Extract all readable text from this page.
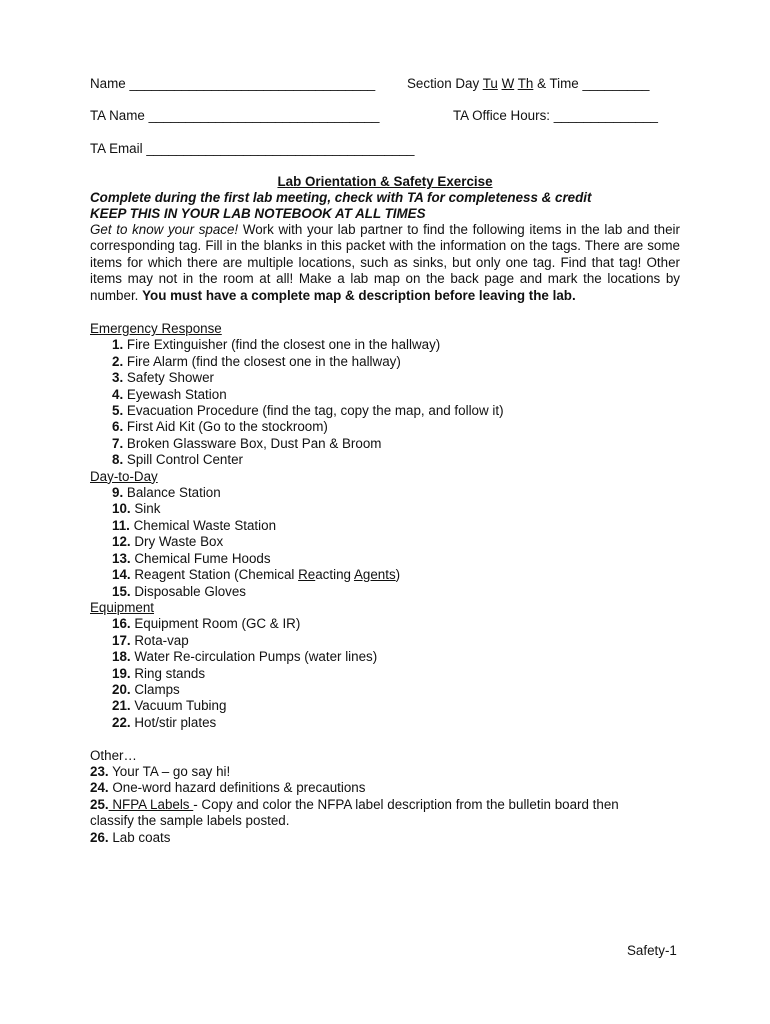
Name _________________________________ Section Day Tu W Th & Time _________
TA Name _______________________________	TA Office Hours: ______________
TA Email ____________________________________
Lab Orientation & Safety Exercise
Complete during the first lab meeting, check with TA for completeness & credit
KEEP THIS IN YOUR LAB NOTEBOOK AT ALL TIMES
Get to know your space! Work with your lab partner to find the following items in the lab and their corresponding tag. Fill in the blanks in this packet with the information on the tags. There are some items for which there are multiple locations, such as sinks, but only one tag. Find that tag! Other items may not in the room at all! Make a lab map on the back page and mark the locations by number. You must have a complete map & description before leaving the lab.
Emergency Response
1. Fire Extinguisher (find the closest one in the hallway)
2. Fire Alarm (find the closest one in the hallway)
3. Safety Shower
4. Eyewash Station
5. Evacuation Procedure (find the tag, copy the map, and follow it)
6. First Aid Kit (Go to the stockroom)
7. Broken Glassware Box, Dust Pan & Broom
8. Spill Control Center
Day-to-Day
9. Balance Station
10. Sink
11. Chemical Waste Station
12. Dry Waste Box
13. Chemical Fume Hoods
14. Reagent Station (Chemical Reacting Agents)
15. Disposable Gloves
Equipment
16. Equipment Room (GC & IR)
17. Rota-vap
18. Water Re-circulation Pumps (water lines)
19. Ring stands
20. Clamps
21. Vacuum Tubing
22. Hot/stir plates
Other…
23. Your TA – go say hi!
24. One-word hazard definitions & precautions
25. NFPA Labels - Copy and color the NFPA label description from the bulletin board then
classify the sample labels posted.
26. Lab coats
Safety-1
